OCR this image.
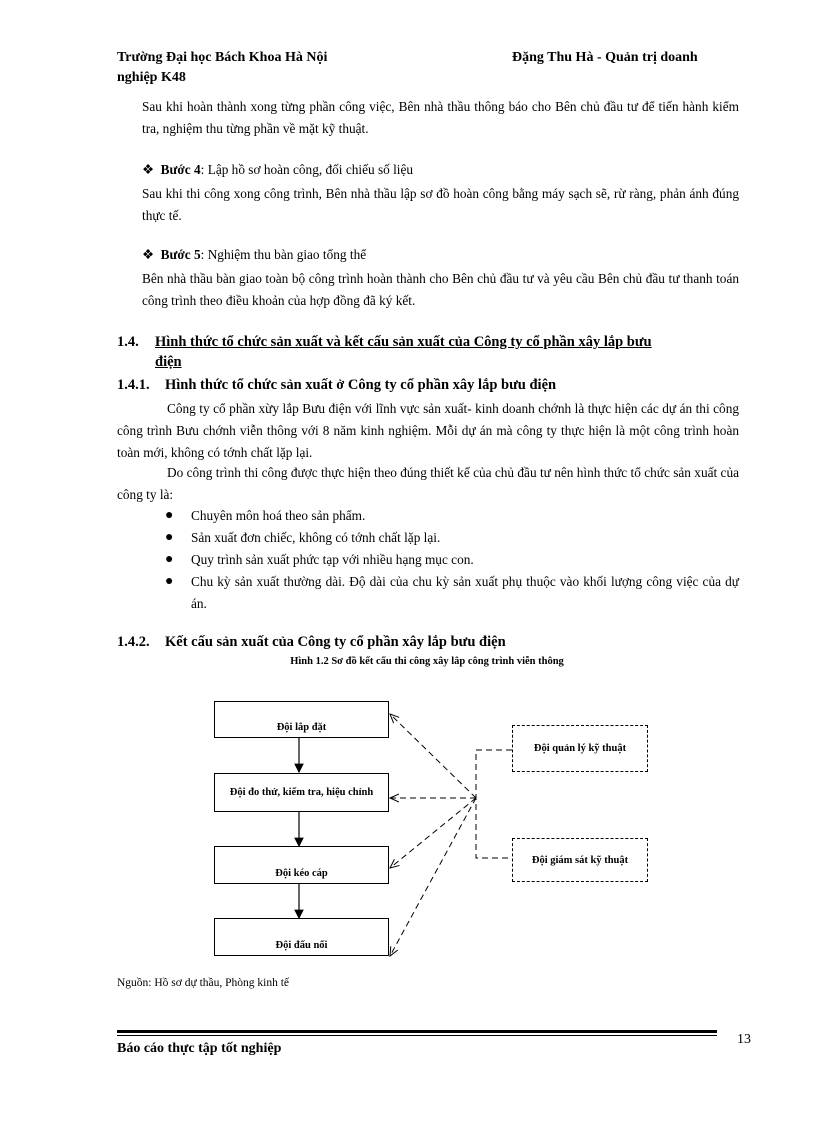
Trường Đại học Bách Khoa Hà Nội	Đặng Thu Hà - Quản trị doanh
nghiệp K48

Sau khi hoàn thành xong từng phần công việc, Bên nhà thầu thông báo cho Bên chủ đầu tư để tiến hành kiểm tra, nghiệm thu từng phần về mặt kỹ thuật.

❖ Bước 4: Lập hồ sơ hoàn công, đối chiếu số liệu

Sau khi thi công xong công trình, Bên nhà thầu lập sơ đồ hoàn công bằng máy sạch sẽ, rừ ràng, phản ánh đúng thực tế.

❖ Bước 5: Nghiệm thu bàn giao tổng thể

Bên nhà thầu bàn giao toàn bộ công trình hoàn thành cho Bên chủ đầu tư và yêu cầu Bên chủ đầu tư thanh toán công trình theo điều khoản của hợp đồng đã ký kết.

1.4. Hình thức tổ chức sản xuất và kết cấu sản xuất của Công ty cổ phần xây lắp bưu
điện
1.4.1. Hình thức tổ chức sản xuất ở Công ty cổ phần xây lắp bưu điện

Công ty cổ phần xừy lắp Bưu điện với lĩnh vực sản xuất- kinh doanh chớnh là thực hiện các dự án thi công công trình Bưu chớnh viễn thông với 8 năm kinh nghiệm. Mỗi dự án mà công ty thực hiện là một công trình hoàn toàn mới, không có tớnh chất lặp lại.

Do công trình thi công được thực hiện theo đúng thiết kế của chủ đầu tư nên hình thức tổ chức sản xuất của công ty là:

●	Chuyên môn hoá theo sản phẩm.
●	Sản xuất đơn chiếc, không có tớnh chất lặp lại.
●	Quy trình sản xuất phức tạp với nhiều hạng mục con.
●	Chu kỳ sản xuất thường dài. Độ dài của chu kỳ sản xuất phụ thuộc vào khối lượng công việc của dự án.
1.4.2. Kết cấu sản xuất của Công ty cổ phần xây lắp bưu điện
Hình 1.2 Sơ đồ kết cấu thi công xây lắp công trình viễn thông
Đội lắp đặt
Đội đo thử, kiểm tra, hiệu chỉnh
Đội kéo cáp
Đội đấu nối
Đội quản lý kỹ thuật
Đội giám sát kỹ thuật
Nguồn: Hồ sơ dự thầu, Phòng kinh tế
Báo cáo thực tập tốt nghiệp
13
